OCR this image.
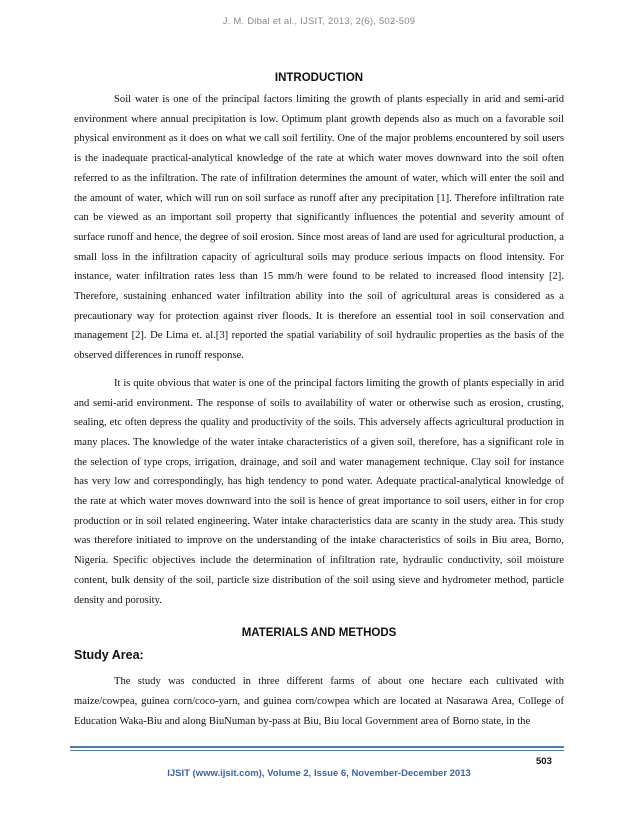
J. M. Dibal et al., IJSIT, 2013, 2(6), 502-509
INTRODUCTION

Soil water is one of the principal factors limiting the growth of plants especially in arid and semi-arid environment where annual precipitation is low. Optimum plant growth depends also as much on a favorable soil physical environment as it does on what we call soil fertility. One of the major problems encountered by soil users is the inadequate practical-analytical knowledge of the rate at which water moves downward into the soil often referred to as the infiltration. The rate of infiltration determines the amount of water, which will enter the soil and the amount of water, which will run on soil surface as runoff after any precipitation [1]. Therefore infiltration rate can be viewed as an important soil property that significantly influences the potential and severity amount of surface runoff and hence, the degree of soil erosion. Since most areas of land are used for agricultural production, a small loss in the infiltration capacity of agricultural soils may produce serious impacts on flood intensity. For instance, water infiltration rates less than 15 mm/h were found to be related to increased flood intensity [2]. Therefore, sustaining enhanced water infiltration ability into the soil of agricultural areas is considered as a precautionary way for protection against river floods. It is therefore an essential tool in soil conservation and management [2]. De Lima et. al.[3] reported the spatial variability of soil hydraulic properties as the basis of the observed differences in runoff response.

It is quite obvious that water is one of the principal factors limiting the growth of plants especially in arid and semi-arid environment. The response of soils to availability of water or otherwise such as erosion, crusting, sealing, etc often depress the quality and productivity of the soils. This adversely affects agricultural production in many places. The knowledge of the water intake characteristics of a given soil, therefore, has a significant role in the selection of type crops, irrigation, drainage, and soil and water management technique. Clay soil for instance has very low and correspondingly, has high tendency to pond water. Adequate practical-analytical knowledge of the rate at which water moves downward into the soil is hence of great importance to soil users, either in for crop production or in soil related engineering. Water intake characteristics data are scanty in the study area. This study was therefore initiated to improve on the understanding of the intake characteristics of soils in Biu area, Borno, Nigeria. Specific objectives include the determination of infiltration rate, hydraulic conductivity, soil moisture content, bulk density of the soil, particle size distribution of the soil using sieve and hydrometer method, particle density and porosity.

MATERIALS AND METHODS
Study Area:

The study was conducted in three different farms of about one hectare each cultivated with maize/cowpea, guinea corn/coco-yarn, and guinea corn/cowpea which are located at Nasarawa Area, College of Education Waka-Biu and along BiuNuman by-pass at Biu, Biu local Government area of Borno state, in the

503
IJSIT (www.ijsit.com), Volume 2, Issue 6, November-December 2013
